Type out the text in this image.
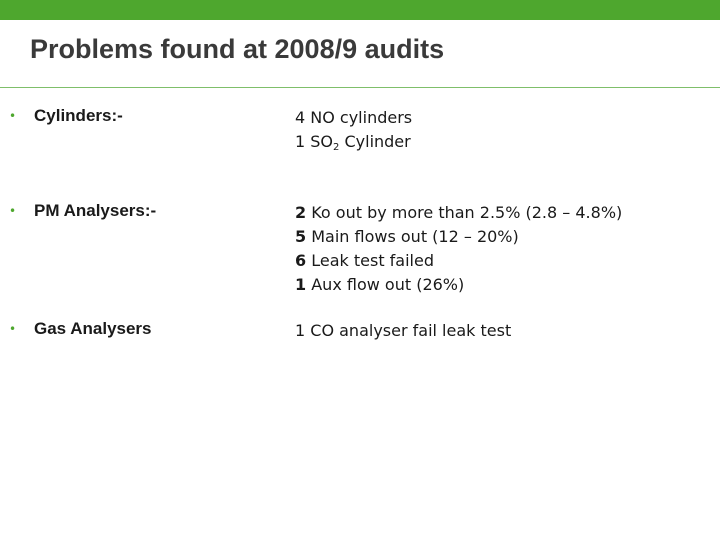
Problems found at 2008/9 audits
• Cylinders:-	4 NO cylinders
1 $SO_2$ Cylinder
• PM Analysers:-	2 Ko out by more than 2.5% (2.8 – 4.8%)
5 Main flows out (12 – 20%)
6 Leak test failed
1 Aux flow out (26%)
• Gas Analysers	1 CO analyser fail leak test
